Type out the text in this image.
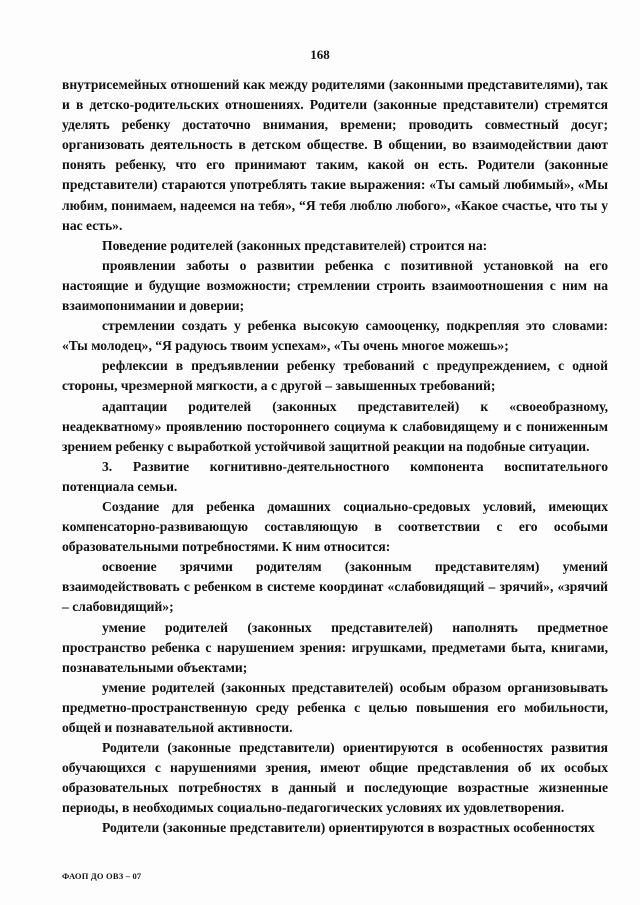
168

внутрисемейных отношений как между родителями (законными представителями), так и в детско-родительских отношениях. Родители (законные представители) стремятся уделять ребенку достаточно внимания, времени; проводить совместный досуг; организовать деятельность в детском обществе. В общении, во взаимодействии дают понять ребенку, что его принимают таким, какой он есть. Родители (законные представители) стараются употреблять такие выражения: «Ты самый любимый», «Мы любим, понимаем, надеемся на тебя», “Я тебя люблю любого», «Какое счастье, что ты у нас есть».

Поведение родителей (законных представителей) строится на:

проявлении заботы о развитии ребенка с позитивной установкой на его настоящие и будущие возможности; стремлении строить взаимоотношения с ним на взаимопонимании и доверии;

стремлении создать у ребенка высокую самооценку, подкрепляя это словами: «Ты молодец», “Я радуюсь твоим успехам», «Ты очень многое можешь»;

рефлексии в предъявлении ребенку требований с предупреждением, с одной стороны, чрезмерной мягкости, а с другой – завышенных требований;

адаптации родителей (законных представителей) к «своеобразному, неадекватному» проявлению постороннего социума к слабовидящему и с пониженным зрением ребенку с выработкой устойчивой защитной реакции на подобные ситуации.

3. Развитие когнитивно-деятельностного компонента воспитательного потенциала семьи.

Создание для ребенка домашних социально-средовых условий, имеющих компенсаторно-развивающую составляющую в соответствии с его особыми образовательными потребностями. К ним относится:

освоение зрячими родителям (законным представителям) умений взаимодействовать с ребенком в системе координат «слабовидящий – зрячий», «зрячий – слабовидящий»;

умение родителей (законных представителей) наполнять предметное пространство ребенка с нарушением зрения: игрушками, предметами быта, книгами, познавательными объектами;

умение родителей (законных представителей) особым образом организовывать предметно-пространственную среду ребенка с целью повышения его мобильности, общей и познавательной активности.

Родители (законные представители) ориентируются в особенностях развития обучающихся с нарушениями зрения, имеют общие представления об их особых образовательных потребностях в данный и последующие возрастные жизненные периоды, в необходимых социально-педагогических условиях их удовлетворения.

Родители (законные представители) ориентируются в возрастных особенностях

ФАОП ДО ОВЗ – 07
